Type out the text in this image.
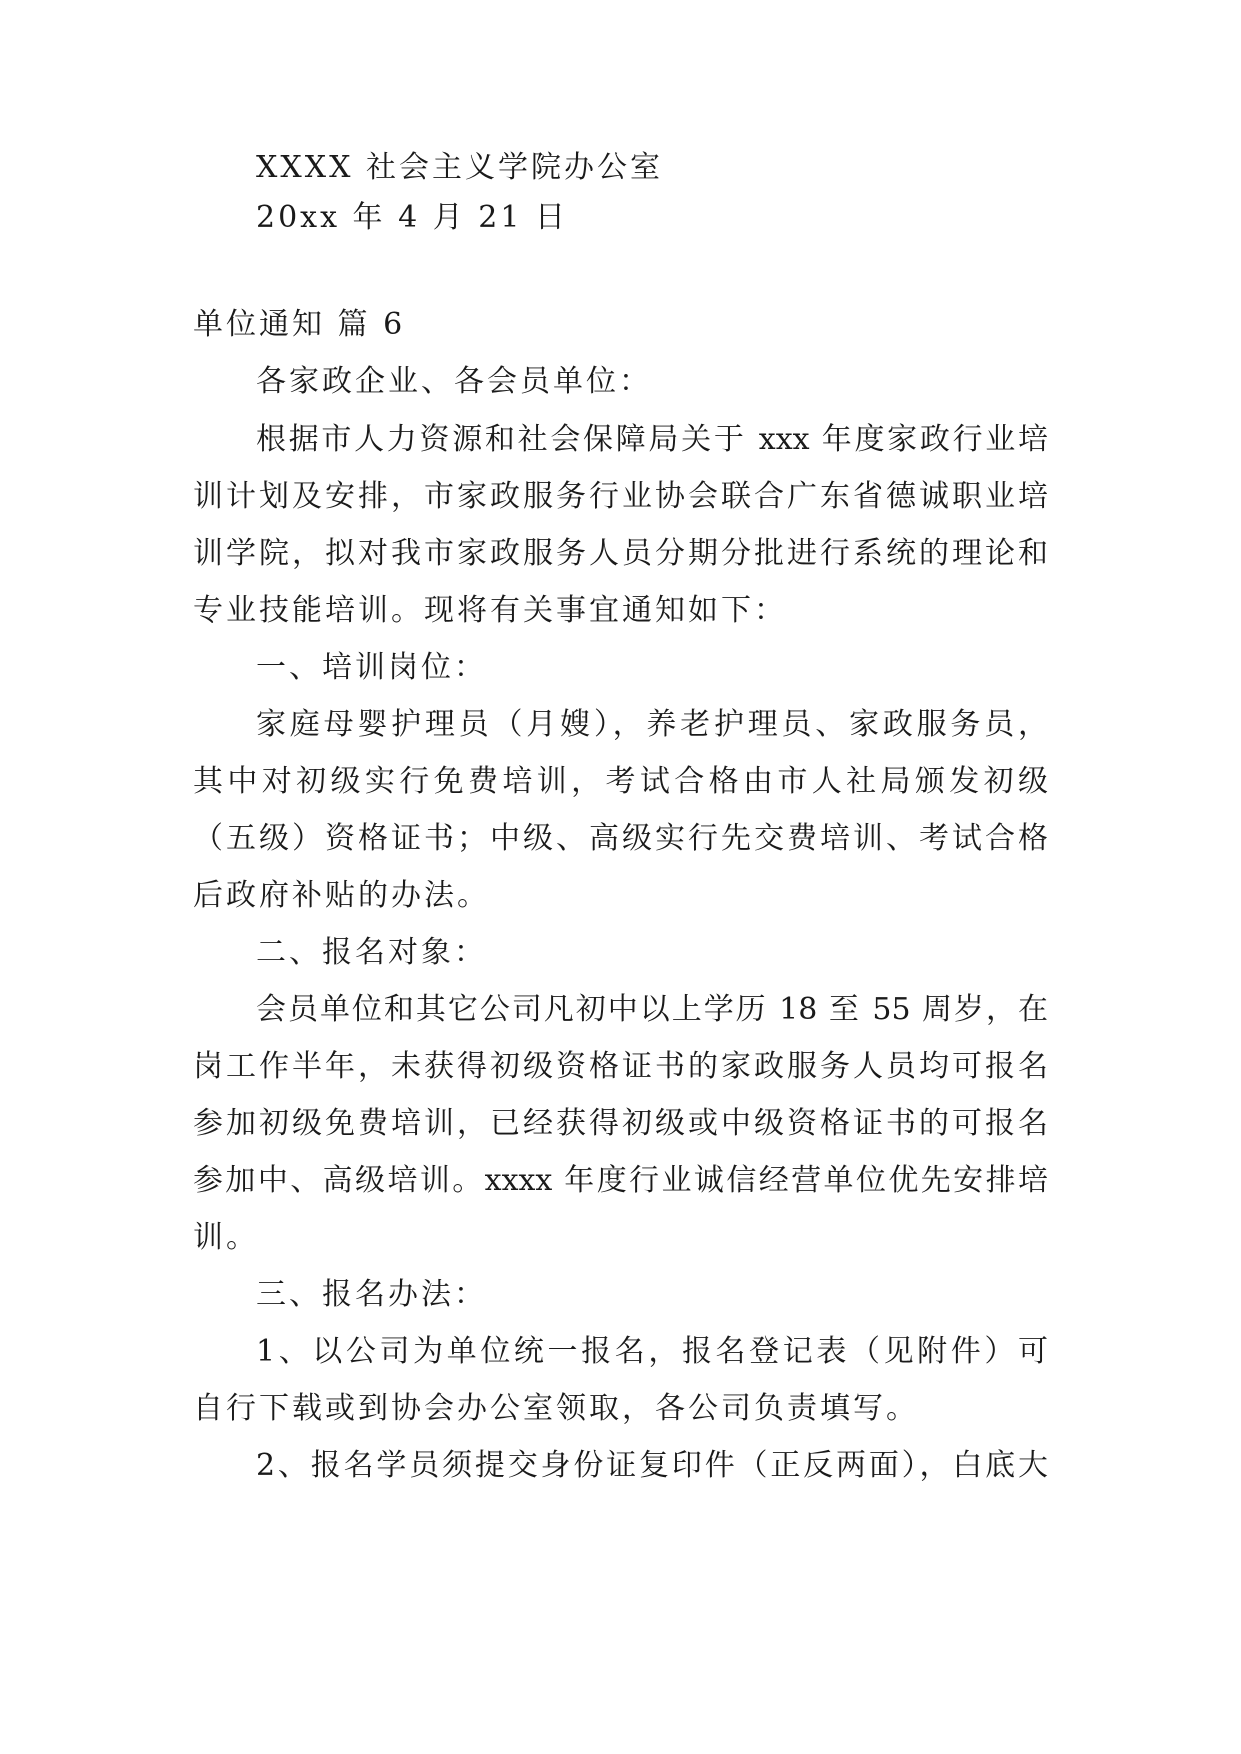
XXXX 社会主义学院办公室
20xx 年 4 月 21 日
单位通知 篇 6
各家政企业、各会员单位：
根据市人力资源和社会保障局关于 xxx 年度家政行业培
训计划及安排，市家政服务行业协会联合广东省德诚职业培
训学院，拟对我市家政服务人员分期分批进行系统的理论和
专业技能培训。现将有关事宜通知如下：
一、培训岗位：
家庭母婴护理员（月嫂），养老护理员、家政服务员，
其中对初级实行免费培训，考试合格由市人社局颁发初级
（五级）资格证书；中级、高级实行先交费培训、考试合格
后政府补贴的办法。
二、报名对象：
会员单位和其它公司凡初中以上学历 18 至 55 周岁，在
岗工作半年，未获得初级资格证书的家政服务人员均可报名
参加初级免费培训，已经获得初级或中级资格证书的可报名
参加中、高级培训。xxxx 年度行业诚信经营单位优先安排培
训。
三、报名办法：
1、以公司为单位统一报名，报名登记表（见附件）可
自行下载或到协会办公室领取，各公司负责填写。
2、报名学员须提交身份证复印件（正反两面），白底大
